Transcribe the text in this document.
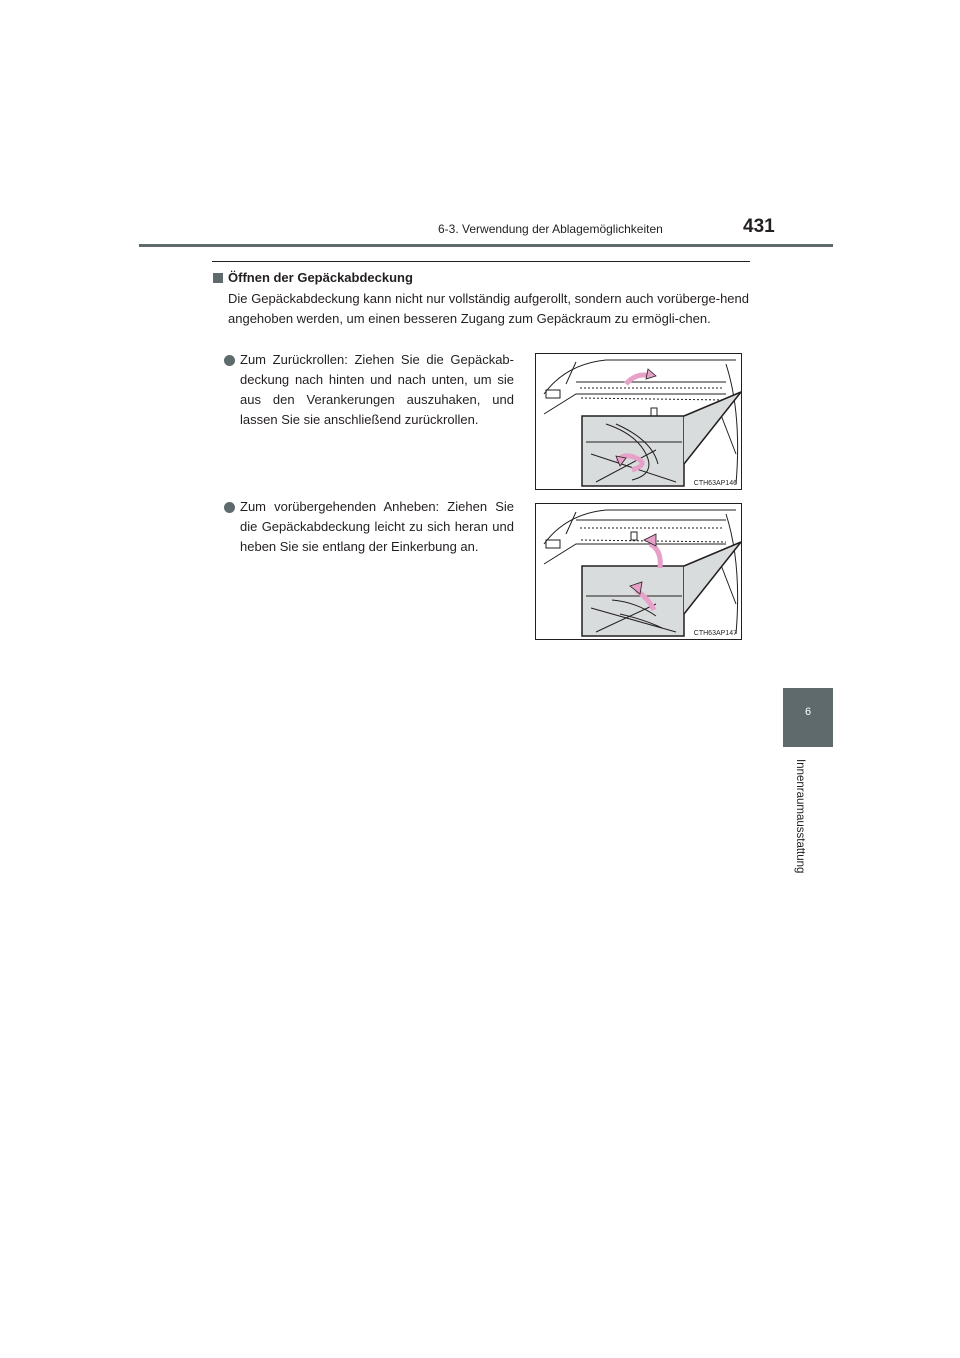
6-3. Verwendung der Ablagemöglichkeiten	431
6
Innenraumausstattung
Öffnen der Gepäckabdeckung

Die Gepäckabdeckung kann nicht nur vollständig aufgerollt, sondern auch vorüberge-hend angehoben werden, um einen besseren Zugang zum Gepäckraum zu ermögli-chen.

Zum Zurückrollen: Ziehen Sie die Gepäckab-deckung nach hinten und nach unten, um sie aus den Verankerungen auszuhaken, und lassen Sie sie anschließend zurückrollen.

CTH63AP146

Zum vorübergehenden Anheben: Ziehen Sie die Gepäckabdeckung leicht zu sich heran und heben Sie sie entlang der Einkerbung an.

CTH63AP147
